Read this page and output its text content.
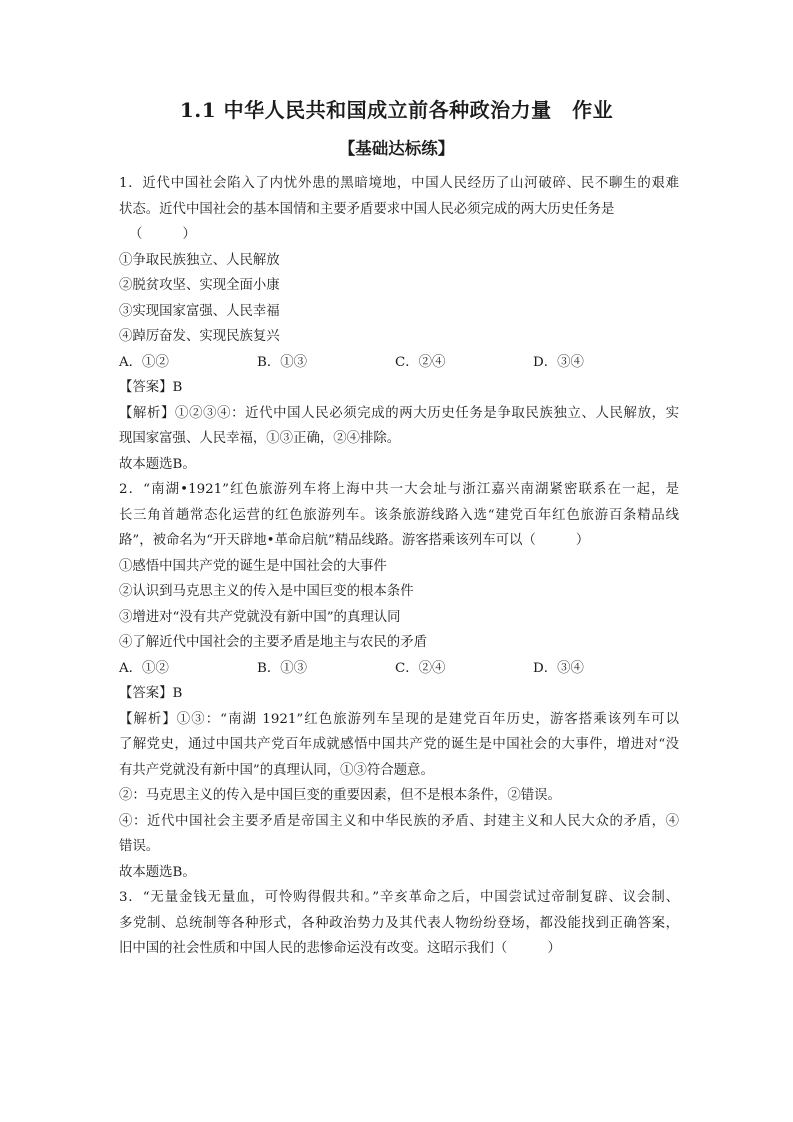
1.1 中华人民共和国成立前各种政治力量　作业
【基础达标练】
1．近代中国社会陷入了内忧外患的黑暗境地，中国人民经历了山河破碎、民不聊生的艰难
状态。近代中国社会的基本国情和主要矛盾要求中国人民必须完成的两大历史任务是
（　　　）
①争取民族独立、人民解放
②脱贫攻坚、实现全面小康
③实现国家富强、人民幸福
④踔厉奋发、实现民族复兴
A．①②	B．①③	C．②④	D．③④
【答案】B
【解析】①②③④：近代中国人民必须完成的两大历史任务是争取民族独立、人民解放，实
现国家富强、人民幸福，①③正确，②④排除。
故本题选B。
2．“南湖•1921”红色旅游列车将上海中共一大会址与浙江嘉兴南湖紧密联系在一起，是
长三角首趟常态化运营的红色旅游列车。该条旅游线路入选“建党百年红色旅游百条精品线
路”，被命名为“开天辟地•革命启航”精品线路。游客搭乘该列车可以（　　　）
①感悟中国共产党的诞生是中国社会的大事件
②认识到马克思主义的传入是中国巨变的根本条件
③增进对“没有共产党就没有新中国”的真理认同
④了解近代中国社会的主要矛盾是地主与农民的矛盾
A．①②	B．①③	C．②④	D．③④
【答案】B
【解析】①③：“南湖 1921”红色旅游列车呈现的是建党百年历史，游客搭乘该列车可以
了解党史，通过中国共产党百年成就感悟中国共产党的诞生是中国社会的大事件，增进对“没
有共产党就没有新中国”的真理认同，①③符合题意。
②：马克思主义的传入是中国巨变的重要因素，但不是根本条件，②错误。
④：近代中国社会主要矛盾是帝国主义和中华民族的矛盾、封建主义和人民大众的矛盾，④
错误。
故本题选B。
3．“无量金钱无量血，可怜购得假共和。”辛亥革命之后，中国尝试过帝制复辟、议会制、
多党制、总统制等各种形式，各种政治势力及其代表人物纷纷登场，都没能找到正确答案，
旧中国的社会性质和中国人民的悲惨命运没有改变。这昭示我们（　　　）
